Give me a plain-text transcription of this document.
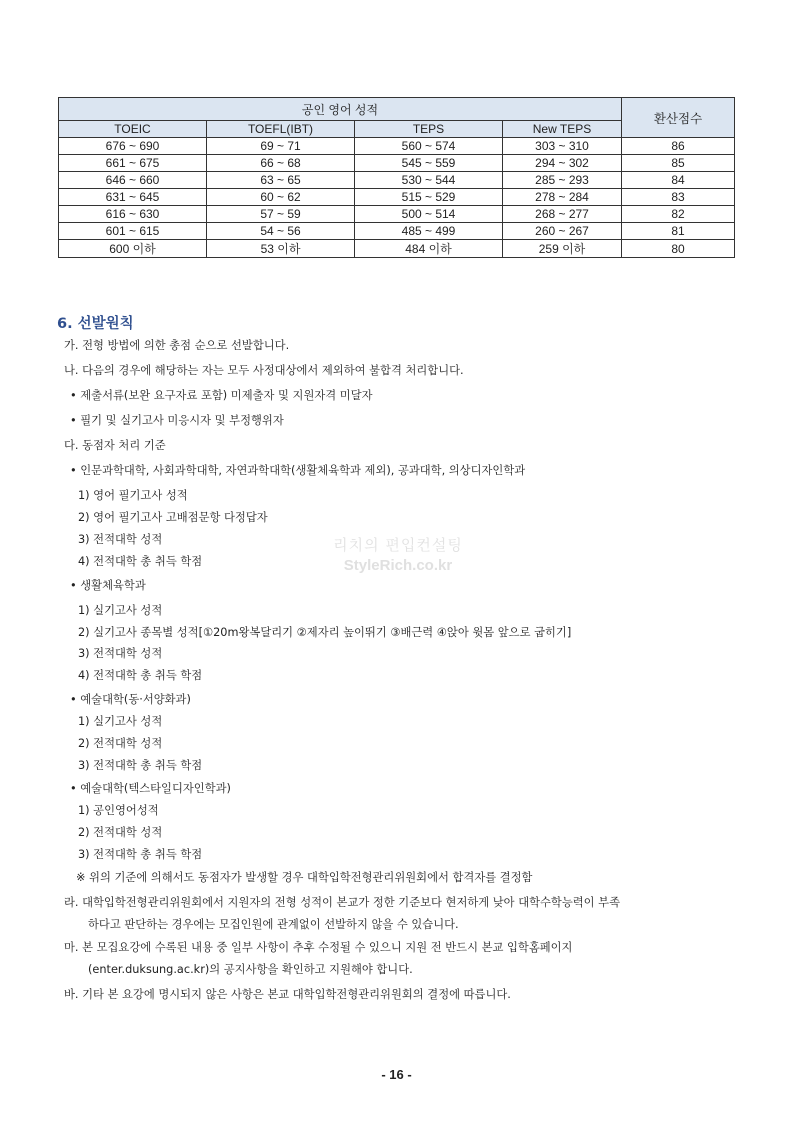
공인 영어 성적				환산점수
TOEIC	TOEFL(IBT)	TEPS	New TEPS	
676 ~ 690	69 ~ 71	560 ~ 574	303 ~ 310	86
661 ~ 675	66 ~ 68	545 ~ 559	294 ~ 302	85
646 ~ 660	63 ~ 65	530 ~ 544	285 ~ 293	84
631 ~ 645	60 ~ 62	515 ~ 529	278 ~ 284	83
616 ~ 630	57 ~ 59	500 ~ 514	268 ~ 277	82
601 ~ 615	54 ~ 56	485 ~ 499	260 ~ 267	81
600 이하	53 이하	484 이하	259 이하	80
6. 선발원칙
리치의 편입컨설팅
StyleRich.co.kr
가. 전형 방법에 의한 총점 순으로 선발합니다.
나. 다음의 경우에 해당하는 자는 모두 사정대상에서 제외하여 불합격 처리합니다.
• 제출서류(보완 요구자료 포함) 미제출자 및 지원자격 미달자
• 필기 및 실기고사 미응시자 및 부정행위자
다. 동점자 처리 기준
• 인문과학대학, 사회과학대학, 자연과학대학(생활체육학과 제외), 공과대학, 의상디자인학과
1) 영어 필기고사 성적
2) 영어 필기고사 고배점문항 다정답자
3) 전적대학 성적
4) 전적대학 총 취득 학점
• 생활체육학과
1) 실기고사 성적
2) 실기고사 종목별 성적[①20m왕복달리기 ②제자리 높이뛰기 ③배근력 ④앉아 윗몸 앞으로 굽히기]
3) 전적대학 성적
4) 전적대학 총 취득 학점
• 예술대학(동·서양화과)
1) 실기고사 성적
2) 전적대학 성적
3) 전적대학 총 취득 학점
• 예술대학(텍스타일디자인학과)
1) 공인영어성적
2) 전적대학 성적
3) 전적대학 총 취득 학점
※ 위의 기준에 의해서도 동점자가 발생할 경우 대학입학전형관리위원회에서 합격자를 결정함
라. 대학입학전형관리위원회에서 지원자의 전형 성적이 본교가 정한 기준보다 현저하게 낮아 대학수학능력이 부족
하다고 판단하는 경우에는 모집인원에 관계없이 선발하지 않을 수 있습니다.
마. 본 모집요강에 수록된 내용 중 일부 사항이 추후 수정될 수 있으니 지원 전 반드시 본교 입학홈페이지
(enter.duksung.ac.kr)의 공지사항을 확인하고 지원해야 합니다.
바. 기타 본 요강에 명시되지 않은 사항은 본교 대학입학전형관리위원회의 결정에 따릅니다.
- 16 -
